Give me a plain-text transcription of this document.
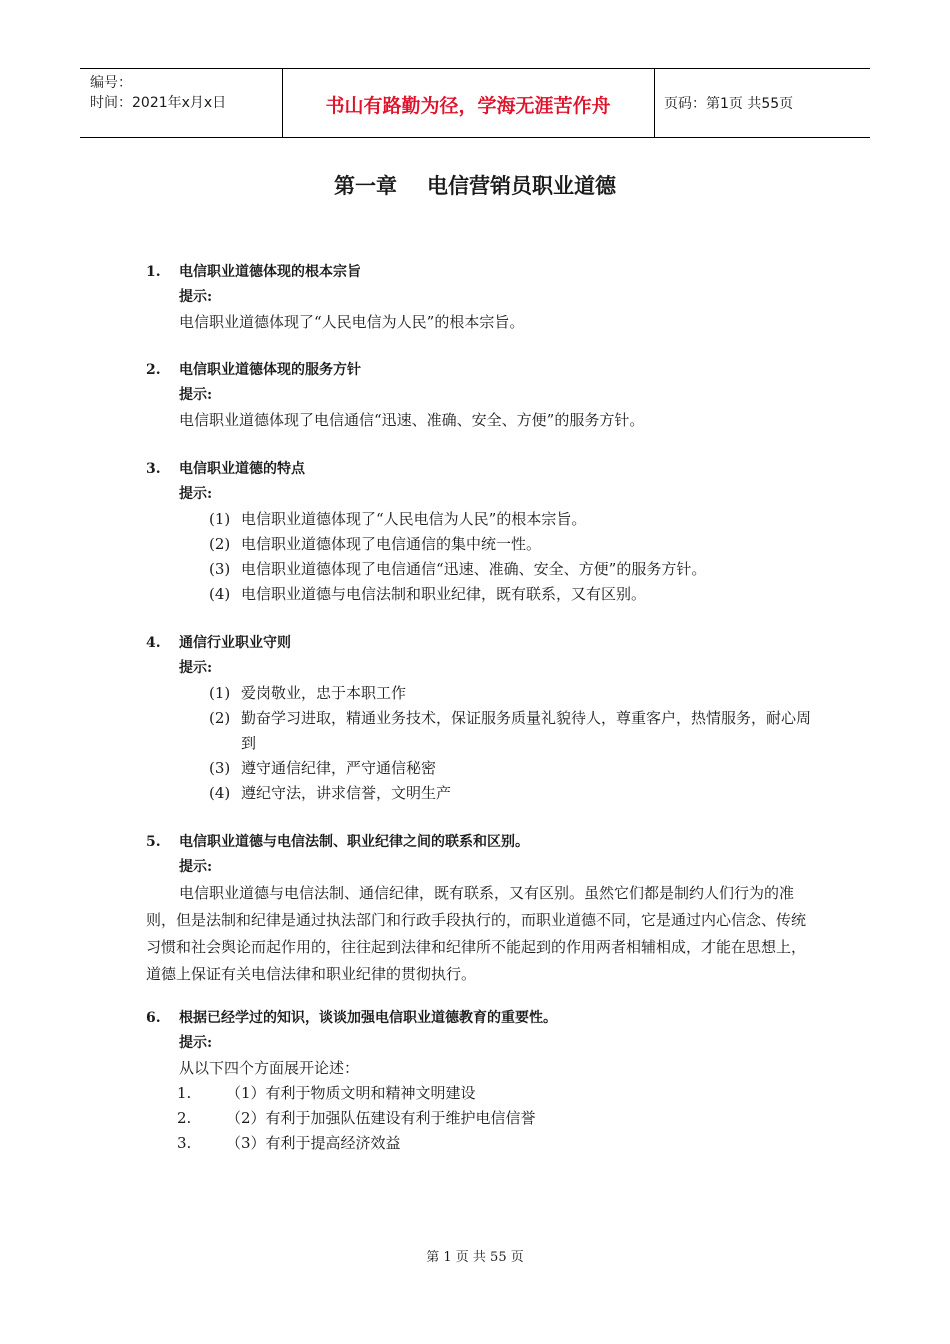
编号：
时间：2021年x月x日	书山有路勤为径，学海无涯苦作舟	页码：第1页 共55页
第一章 电信营销员职业道德
1. 电信职业道德体现的根本宗旨
提示:
电信职业道德体现了“人民电信为人民”的根本宗旨。
2. 电信职业道德体现的服务方针
提示:
电信职业道德体现了电信通信“迅速、准确、安全、方便”的服务方针。
3. 电信职业道德的特点
提示:
(1) 电信职业道德体现了“人民电信为人民”的根本宗旨。
(2) 电信职业道德体现了电信通信的集中统一性。
(3) 电信职业道德体现了电信通信“迅速、准确、安全、方便”的服务方针。
(4) 电信职业道德与电信法制和职业纪律，既有联系，又有区别。
4. 通信行业职业守则
提示:
(1) 爱岗敬业，忠于本职工作
(2) 勤奋学习进取，精通业务技术，保证服务质量礼貌待人，尊重客户，热情服务，耐心周到
(3) 遵守通信纪律，严守通信秘密
(4) 遵纪守法，讲求信誉，文明生产
5. 电信职业道德与电信法制、职业纪律之间的联系和区别。
提示:
电信职业道德与电信法制、通信纪律，既有联系，又有区别。虽然它们都是制约人们行为的准则，但是法制和纪律是通过执法部门和行政手段执行的，而职业道德不同，它是通过内心信念、传统习惯和社会舆论而起作用的，往往起到法律和纪律所不能起到的作用两者相辅相成，才能在思想上，道德上保证有关电信法律和职业纪律的贯彻执行。
6. 根据已经学过的知识，谈谈加强电信职业道德教育的重要性。
提示:
从以下四个方面展开论述：
1. （1）有利于物质文明和精神文明建设
2. （2）有利于加强队伍建设有利于维护电信信誉
3. （3）有利于提高经济效益
第 1 页 共 55 页
